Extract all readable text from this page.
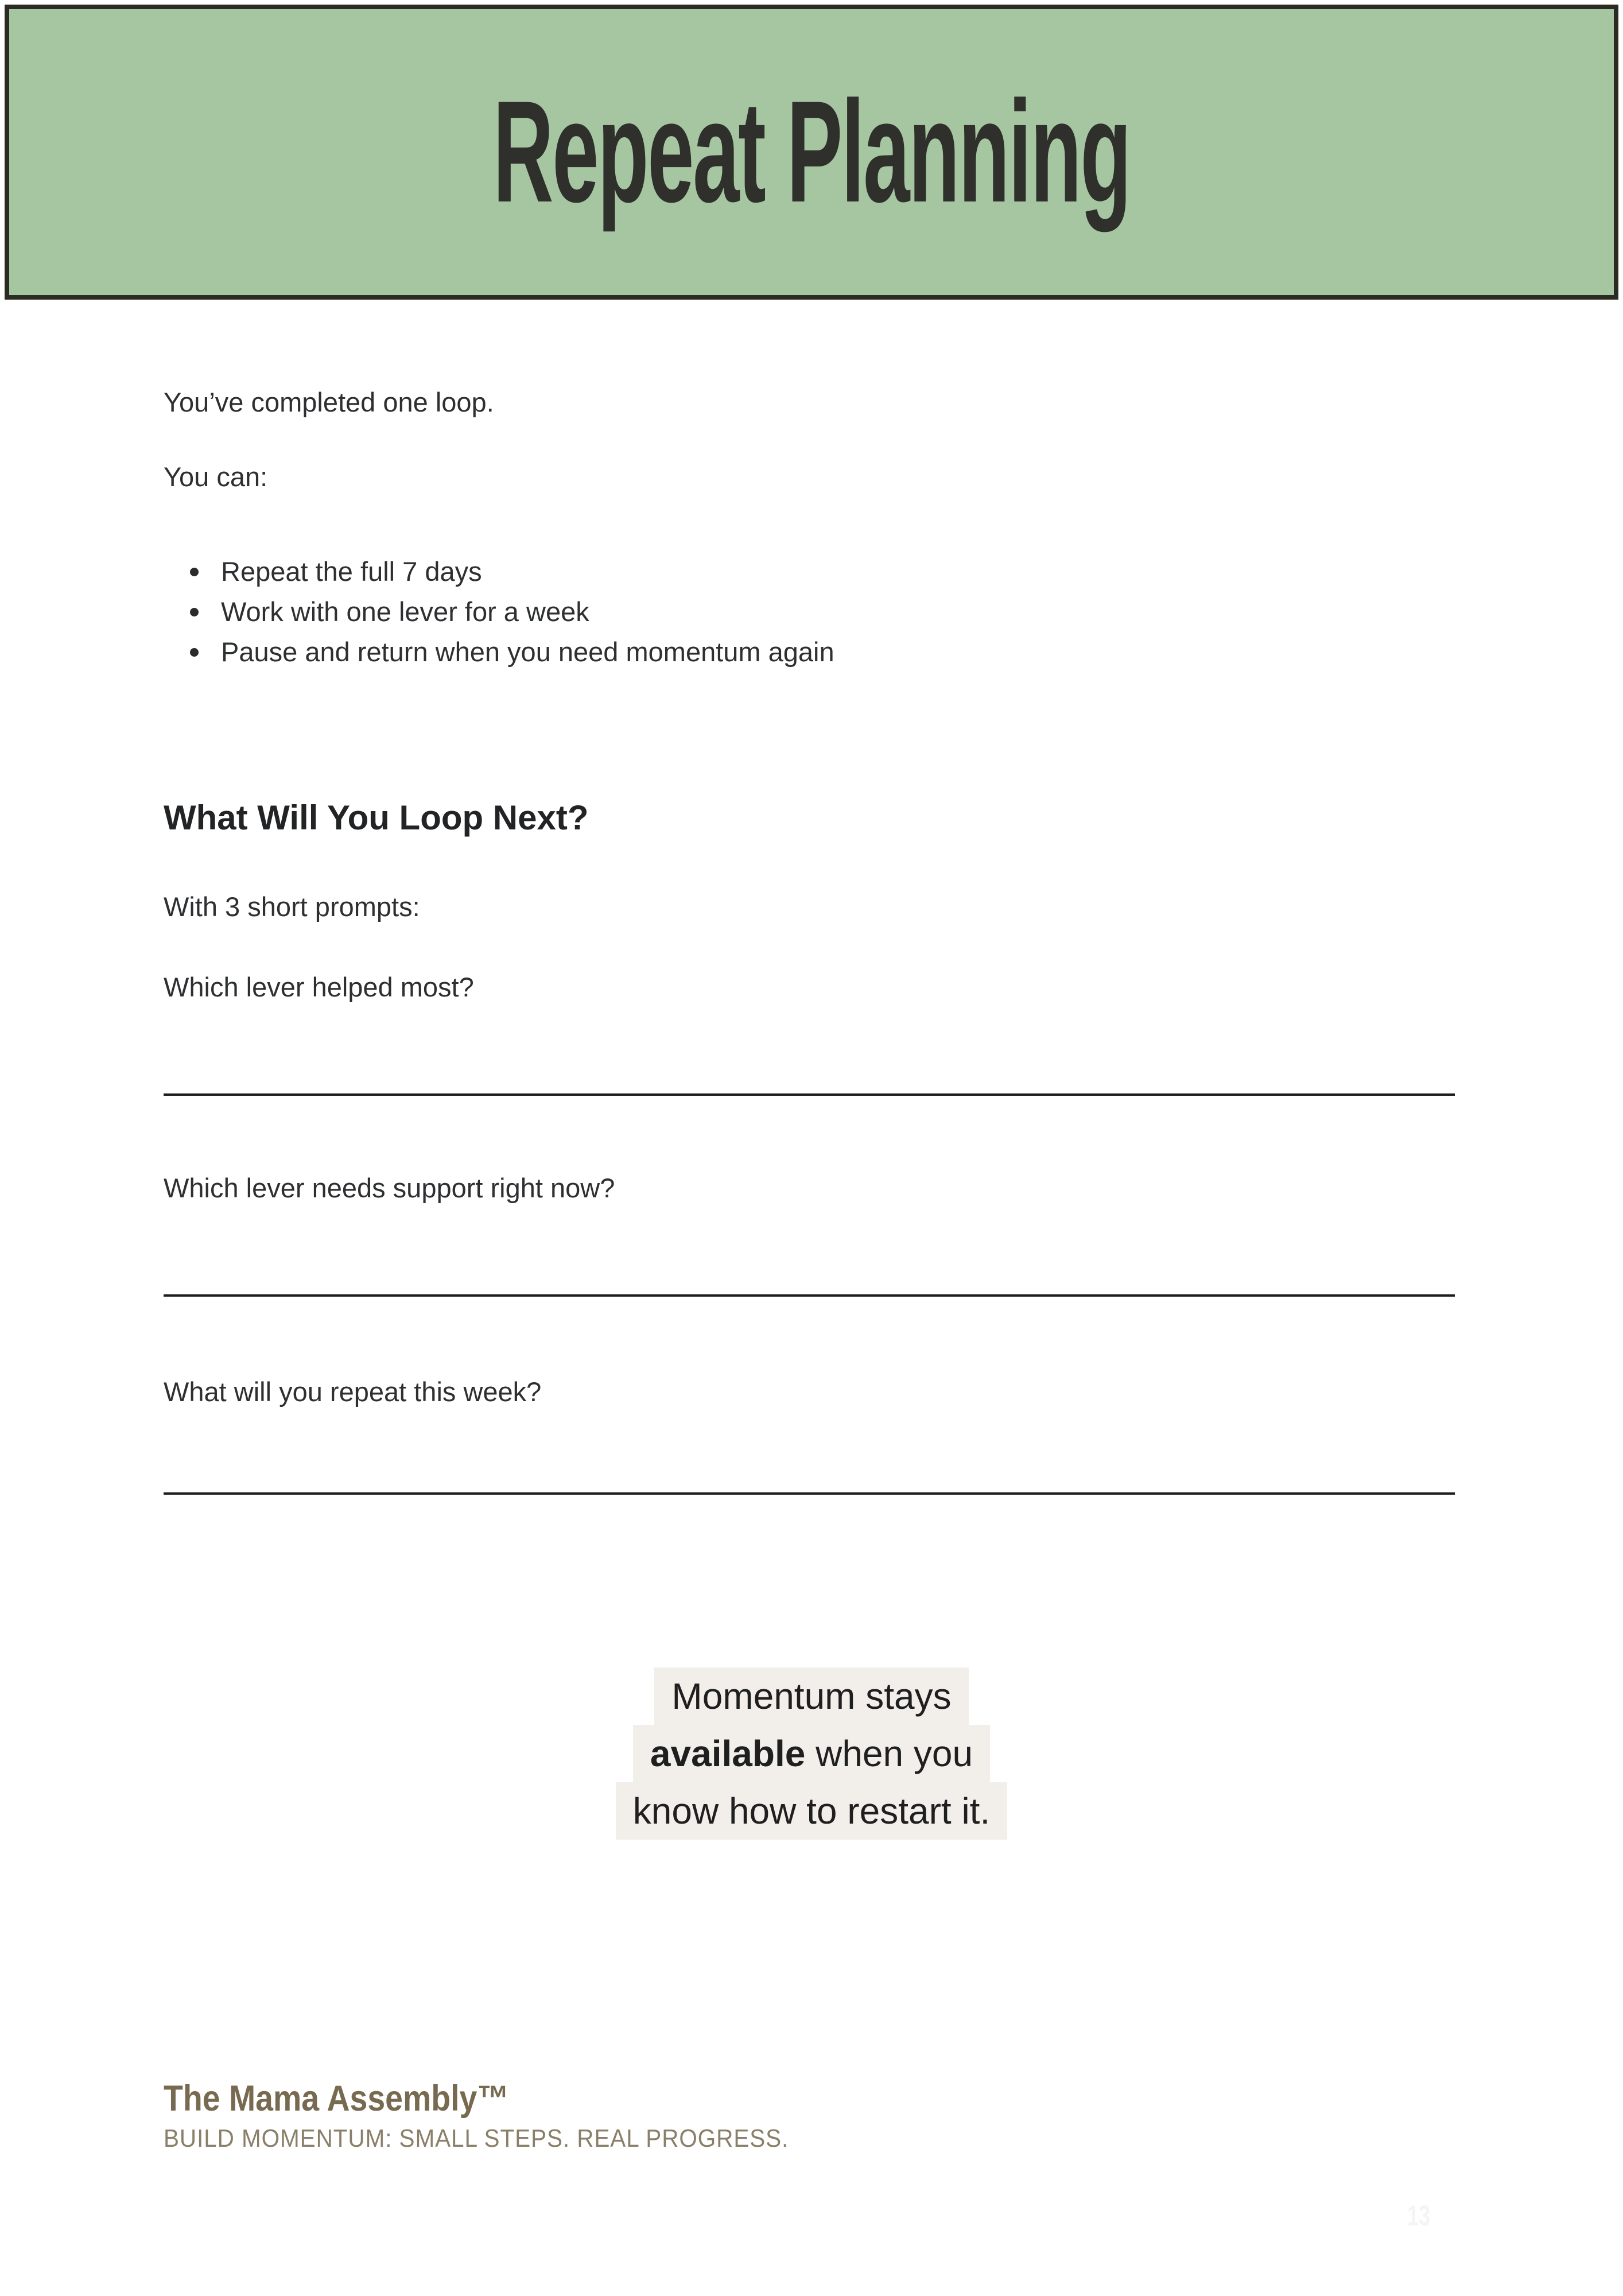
Repeat Planning
You’ve completed one loop.
You can:
Repeat the full 7 days
Work with one lever for a week
Pause and return when you need momentum again
What Will You Loop Next?
With 3 short prompts:
Which lever helped most?
Which lever needs support right now?
What will you repeat this week?
Momentum stays
available when you
know how to restart it.
The Mama Assembly™
BUILD MOMENTUM: SMALL STEPS. REAL PROGRESS.
13
